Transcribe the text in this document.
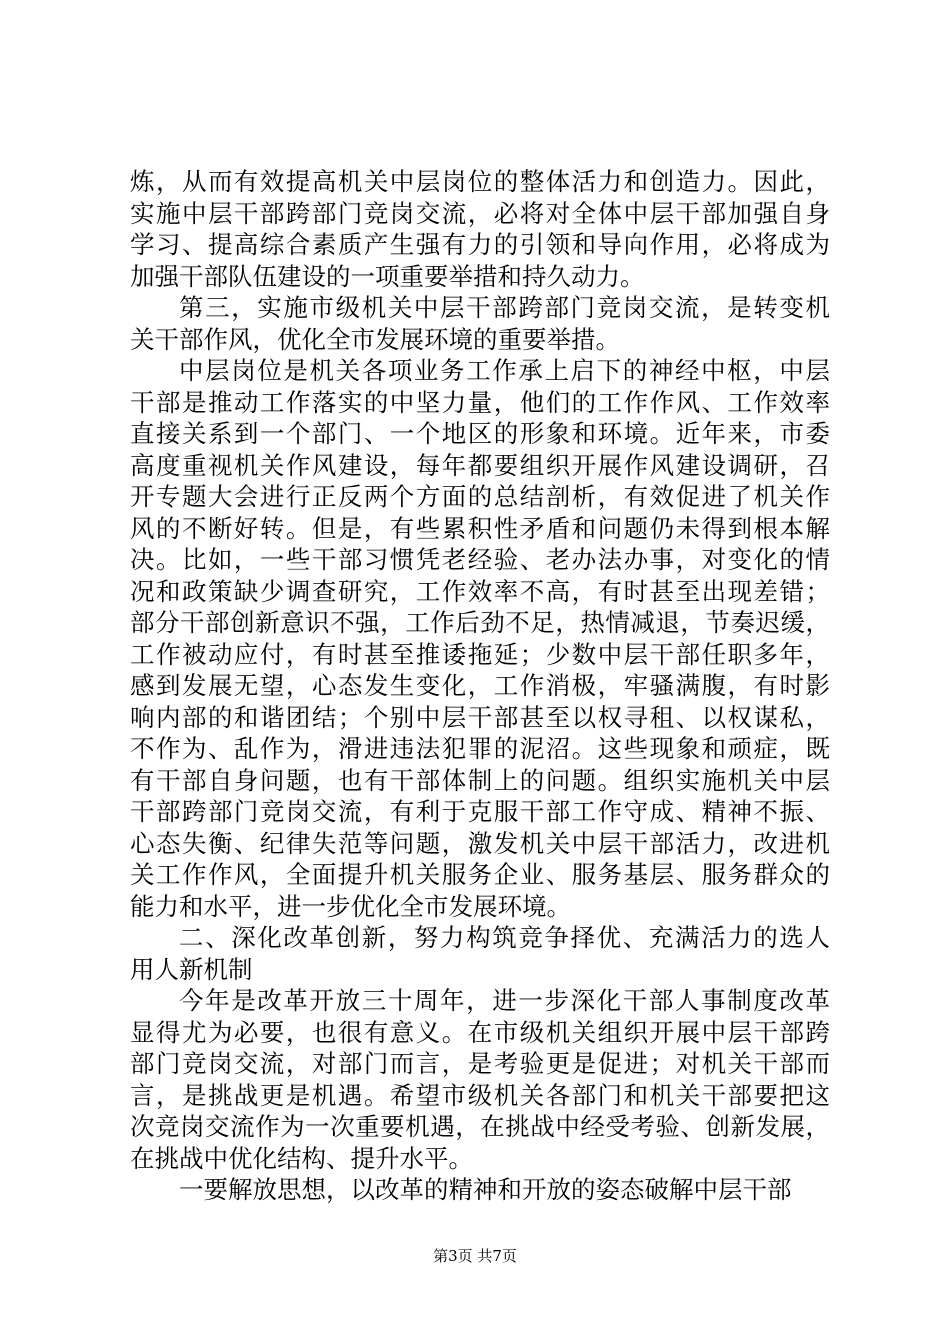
炼，从而有效提高机关中层岗位的整体活力和创造力。因此，
实施中层干部跨部门竞岗交流，必将对全体中层干部加强自身
学习、提高综合素质产生强有力的引领和导向作用，必将成为
加强干部队伍建设的一项重要举措和持久动力。
第三，实施市级机关中层干部跨部门竞岗交流，是转变机
关干部作风，优化全市发展环境的重要举措。
中层岗位是机关各项业务工作承上启下的神经中枢，中层
干部是推动工作落实的中坚力量，他们的工作作风、工作效率
直接关系到一个部门、一个地区的形象和环境。近年来，市委
高度重视机关作风建设，每年都要组织开展作风建设调研，召
开专题大会进行正反两个方面的总结剖析，有效促进了机关作
风的不断好转。但是，有些累积性矛盾和问题仍未得到根本解
决。比如，一些干部习惯凭老经验、老办法办事，对变化的情
况和政策缺少调查研究，工作效率不高，有时甚至出现差错；
部分干部创新意识不强，工作后劲不足，热情减退，节奏迟缓，
工作被动应付，有时甚至推诿拖延；少数中层干部任职多年，
感到发展无望，心态发生变化，工作消极，牢骚满腹，有时影
响内部的和谐团结；个别中层干部甚至以权寻租、以权谋私，
不作为、乱作为，滑进违法犯罪的泥沼。这些现象和顽症，既
有干部自身问题，也有干部体制上的问题。组织实施机关中层
干部跨部门竞岗交流，有利于克服干部工作守成、精神不振、
心态失衡、纪律失范等问题，激发机关中层干部活力，改进机
关工作作风，全面提升机关服务企业、服务基层、服务群众的
能力和水平，进一步优化全市发展环境。
二、深化改革创新，努力构筑竞争择优、充满活力的选人
用人新机制
今年是改革开放三十周年，进一步深化干部人事制度改革
显得尤为必要，也很有意义。在市级机关组织开展中层干部跨
部门竞岗交流，对部门而言，是考验更是促进；对机关干部而
言，是挑战更是机遇。希望市级机关各部门和机关干部要把这
次竞岗交流作为一次重要机遇，在挑战中经受考验、创新发展，
在挑战中优化结构、提升水平。
一要解放思想，以改革的精神和开放的姿态破解中层干部
第3页 共7页
